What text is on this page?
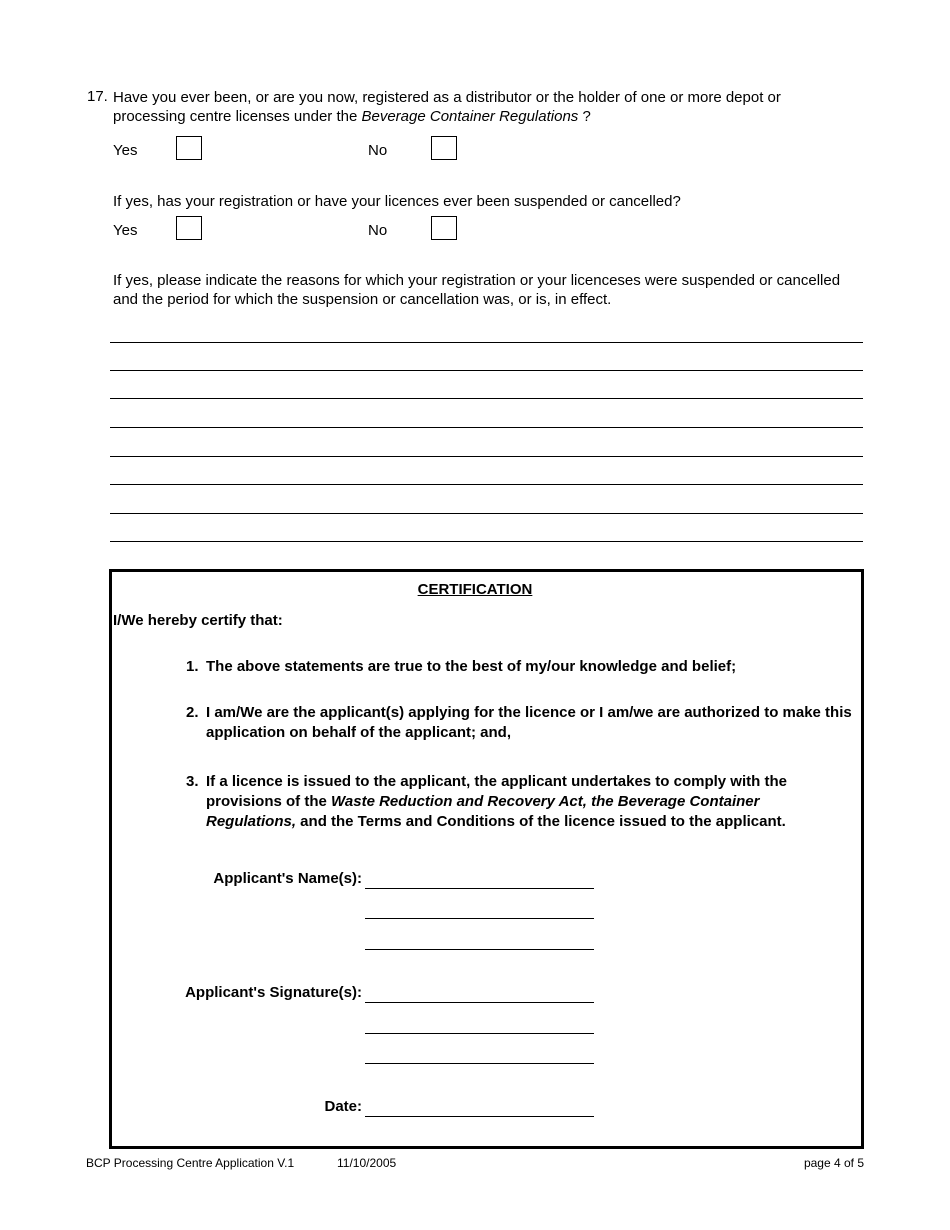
17. Have you ever been, or are you now, registered as a distributor or the holder of one or more depot or processing centre licenses under the Beverage Container Regulations ?
Yes	No
If yes, has your registration or have your licences ever been suspended or cancelled?
Yes	No
If yes, please indicate the reasons for which your registration or your licenceses were suspended or cancelled and the period for which the suspension or cancellation was, or is, in effect.
CERTIFICATION
I/We hereby certify that:
1. The above statements are true to the best of my/our knowledge and belief;
2. I am/We are the applicant(s) applying for the licence or I am/we are authorized to make this application on behalf of the applicant; and,
3. If a licence is issued to the applicant, the applicant undertakes to comply with the provisions of the Waste Reduction and Recovery Act, the Beverage Container Regulations, and the Terms and Conditions of the licence issued to the applicant.
Applicant's Name(s):
Applicant's Signature(s):
Date:
BCP Processing Centre Application V.1	11/10/2005	page 4 of 5
